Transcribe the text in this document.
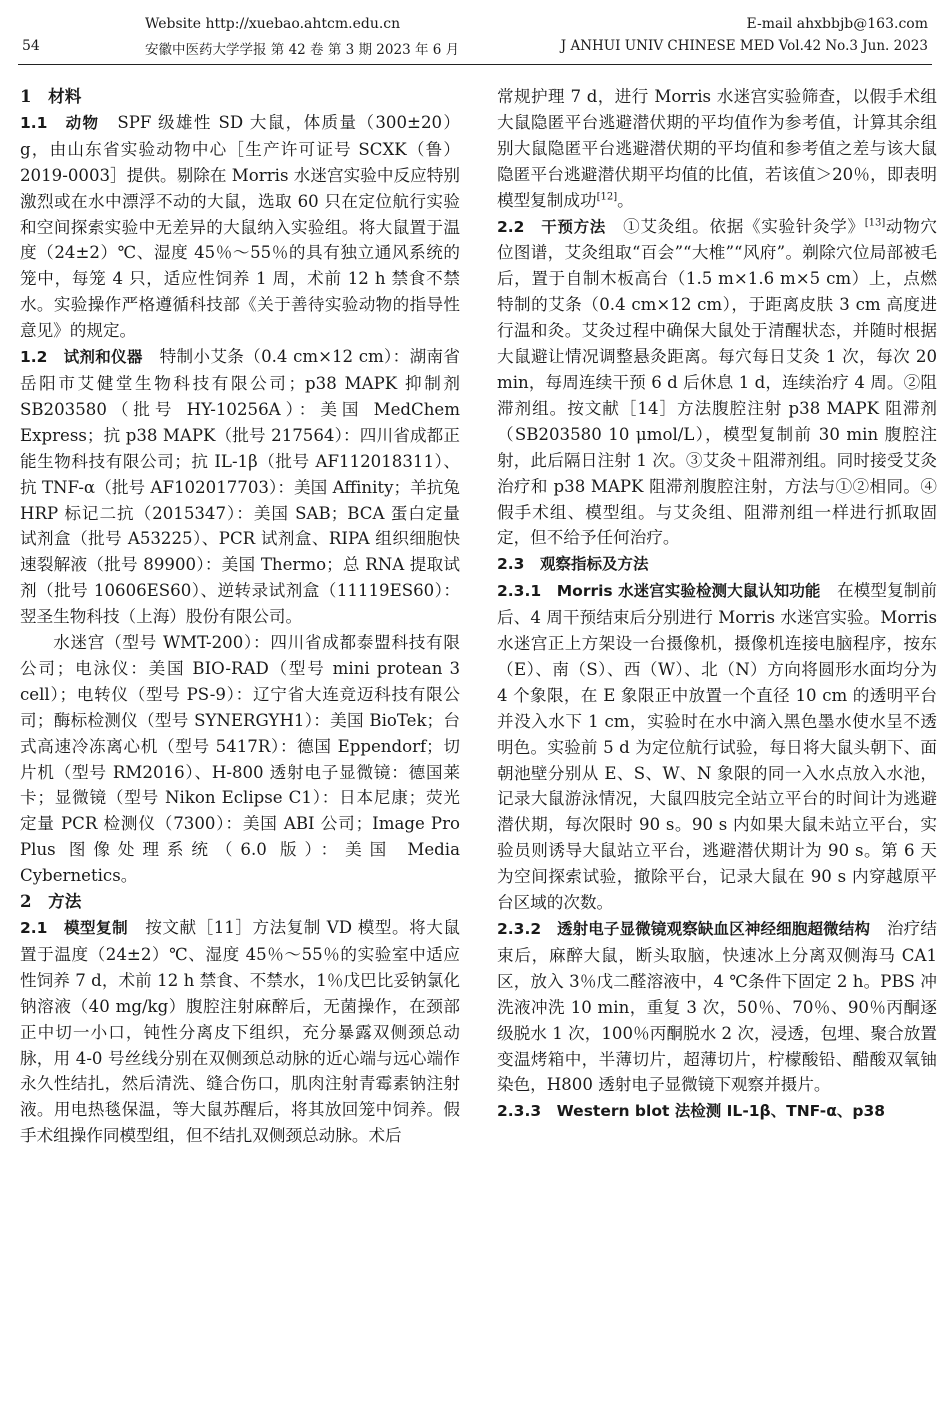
54
Website http://xuebao.ahtcm.edu.cn	E-mail ahxbbjb@163.com
安徽中医药大学学报 第 42 卷 第 3 期 2023 年 6 月	J ANHUI UNIV CHINESE MED Vol.42 No.3 Jun. 2023

1　材料

1.1　动物　SPF 级雄性 SD 大鼠，体质量（300±20）g，由山东省实验动物中心［生产许可证号 SCXK（鲁）2019-0003］提供。剔除在 Morris 水迷宫实验中反应特别激烈或在水中漂浮不动的大鼠，选取 60 只在定位航行实验和空间探索实验中无差异的大鼠纳入实验组。将大鼠置于温度（24±2）℃、湿度 45％～55％的具有独立通风系统的笼中，每笼 4 只，适应性饲养 1 周，术前 12 h 禁食不禁水。实验操作严格遵循科技部《关于善待实验动物的指导性意见》的规定。

1.2　试剂和仪器　特制小艾条（0.4 cm×12 cm）：湖南省岳阳市艾健堂生物科技有限公司；p38 MAPK 抑制剂 SB203580（批号 HY-10256A）：美国 MedChem Express；抗 p38 MAPK（批号 217564）：四川省成都正能生物科技有限公司；抗 IL-1β（批号 AF112018311）、抗 TNF-α（批号 AF102017703）：美国 Affinity；羊抗兔 HRP 标记二抗（2015347）：美国 SAB；BCA 蛋白定量试剂盒（批号 A53225）、PCR 试剂盒、RIPA 组织细胞快速裂解液（批号 89900）：美国 Thermo；总 RNA 提取试剂（批号 10606ES60）、逆转录试剂盒（11119ES60）：翌圣生物科技（上海）股份有限公司。

水迷宫（型号 WMT-200）：四川省成都泰盟科技有限公司；电泳仪：美国 BIO-RAD（型号 mini protean 3 cell）；电转仪（型号 PS-9）：辽宁省大连竞迈科技有限公司；酶标检测仪（型号 SYNERGYH1）：美国 BioTek；台式高速冷冻离心机（型号 5417R）：德国 Eppendorf；切片机（型号 RM2016）、H-800 透射电子显微镜：德国莱卡；显微镜（型号 Nikon Eclipse C1）：日本尼康；荧光定量 PCR 检测仪（7300）：美国 ABI 公司；Image Pro Plus 图像处理系统（6.0 版）：美国 Media Cybernetics。

2　方法

2.1　模型复制　按文献［11］方法复制 VD 模型。将大鼠置于温度（24±2）℃、湿度 45％～55％的实验室中适应性饲养 7 d，术前 12 h 禁食、不禁水，1％戊巴比妥钠氯化钠溶液（40 mg/kg）腹腔注射麻醉后，无菌操作，在颈部正中切一小口，钝性分离皮下组织，充分暴露双侧颈总动脉，用 4-0 号丝线分别在双侧颈总动脉的近心端与远心端作永久性结扎，然后清洗、缝合伤口，肌肉注射青霉素钠注射液。用电热毯保温，等大鼠苏醒后，将其放回笼中饲养。假手术组操作同模型组，但不结扎双侧颈总动脉。术后

常规护理 7 d，进行 Morris 水迷宫实验筛查，以假手术组大鼠隐匿平台逃避潜伏期的平均值作为参考值，计算其余组别大鼠隐匿平台逃避潜伏期的平均值和参考值之差与该大鼠隐匿平台逃避潜伏期平均值的比值，若该值＞20％，即表明模型复制成功[12]。

2.2　干预方法　①艾灸组。依据《实验针灸学》[13]动物穴位图谱，艾灸组取“百会”“大椎”“风府”。剃除穴位局部被毛后，置于自制木板高台（1.5 m×1.6 m×5 cm）上，点燃特制的艾条（0.4 cm×12 cm），于距离皮肤 3 cm 高度进行温和灸。艾灸过程中确保大鼠处于清醒状态，并随时根据大鼠避让情况调整悬灸距离。每穴每日艾灸 1 次，每次 20 min，每周连续干预 6 d 后休息 1 d，连续治疗 4 周。②阻滞剂组。按文献［14］方法腹腔注射 p38 MAPK 阻滞剂（SB203580 10 μmol/L），模型复制前 30 min 腹腔注射，此后隔日注射 1 次。③艾灸＋阻滞剂组。同时接受艾灸治疗和 p38 MAPK 阻滞剂腹腔注射，方法与①②相同。④假手术组、模型组。与艾灸组、阻滞剂组一样进行抓取固定，但不给予任何治疗。

2.3　观察指标及方法

2.3.1　Morris 水迷宫实验检测大鼠认知功能　在模型复制前后、4 周干预结束后分别进行 Morris 水迷宫实验。Morris 水迷宫正上方架设一台摄像机，摄像机连接电脑程序，按东（E）、南（S）、西（W）、北（N）方向将圆形水面均分为 4 个象限，在 E 象限正中放置一个直径 10 cm 的透明平台并没入水下 1 cm，实验时在水中滴入黑色墨水使水呈不透明色。实验前 5 d 为定位航行试验，每日将大鼠头朝下、面朝池壁分别从 E、S、W、N 象限的同一入水点放入水池，记录大鼠游泳情况，大鼠四肢完全站立平台的时间计为逃避潜伏期，每次限时 90 s。90 s 内如果大鼠未站立平台，实验员则诱导大鼠站立平台，逃避潜伏期计为 90 s。第 6 天为空间探索试验，撤除平台，记录大鼠在 90 s 内穿越原平台区域的次数。

2.3.2　透射电子显微镜观察缺血区神经细胞超微结构　治疗结束后，麻醉大鼠，断头取脑，快速冰上分离双侧海马 CA1 区，放入 3％戊二醛溶液中，4 ℃条件下固定 2 h。PBS 冲洗液冲洗 10 min，重复 3 次，50％、70％、90％丙酮逐级脱水 1 次，100％丙酮脱水 2 次，浸透，包埋、聚合放置变温烤箱中，半薄切片，超薄切片，柠檬酸铅、醋酸双氧铀染色，H800 透射电子显微镜下观察并摄片。

2.3.3　Western blot 法检测 IL-1β、TNF-α、p38
